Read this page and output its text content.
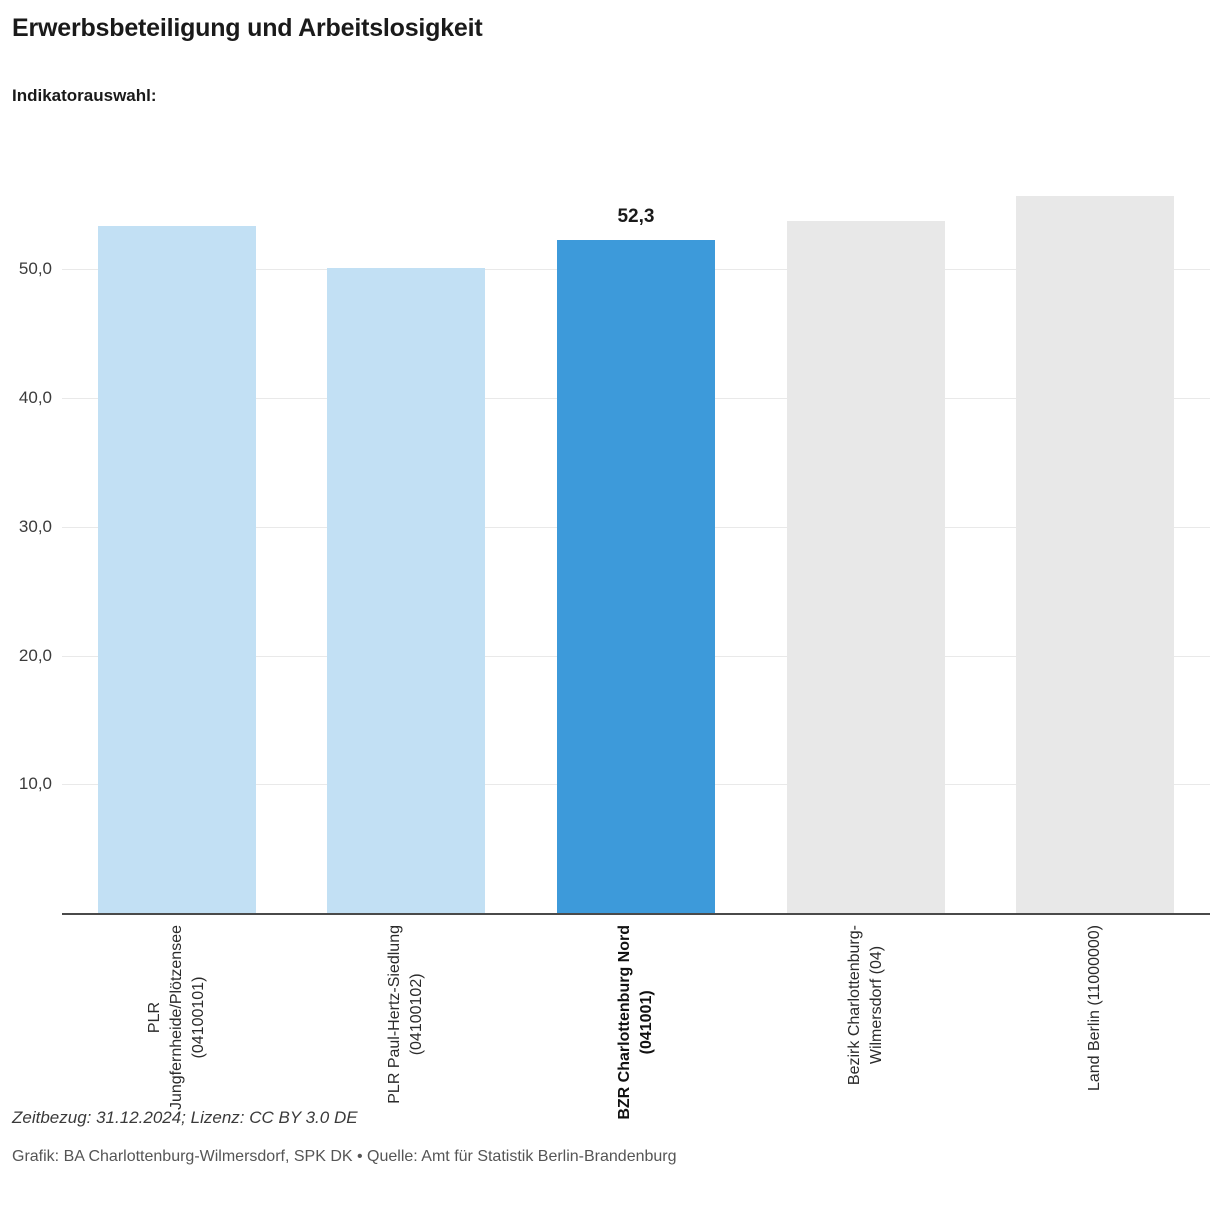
Erwerbsbeteiligung und Arbeitslosigkeit
Indikatorauswahl:
10,0
20,0
30,0
40,0
50,0
52,3
PLR Jungfernheide/Plötzensee (04100101)	PLR Paul-Hertz-Siedlung (04100102)	BZR Charlottenburg Nord (041001)	Bezirk Charlottenburg- Wilmersdorf (04)	Land Berlin (11000000)
Zeitbezug: 31.12.2024; Lizenz: CC BY 3.0 DE
Grafik: BA Charlottenburg-Wilmersdorf, SPK DK • Quelle: Amt für Statistik Berlin-Brandenburg
